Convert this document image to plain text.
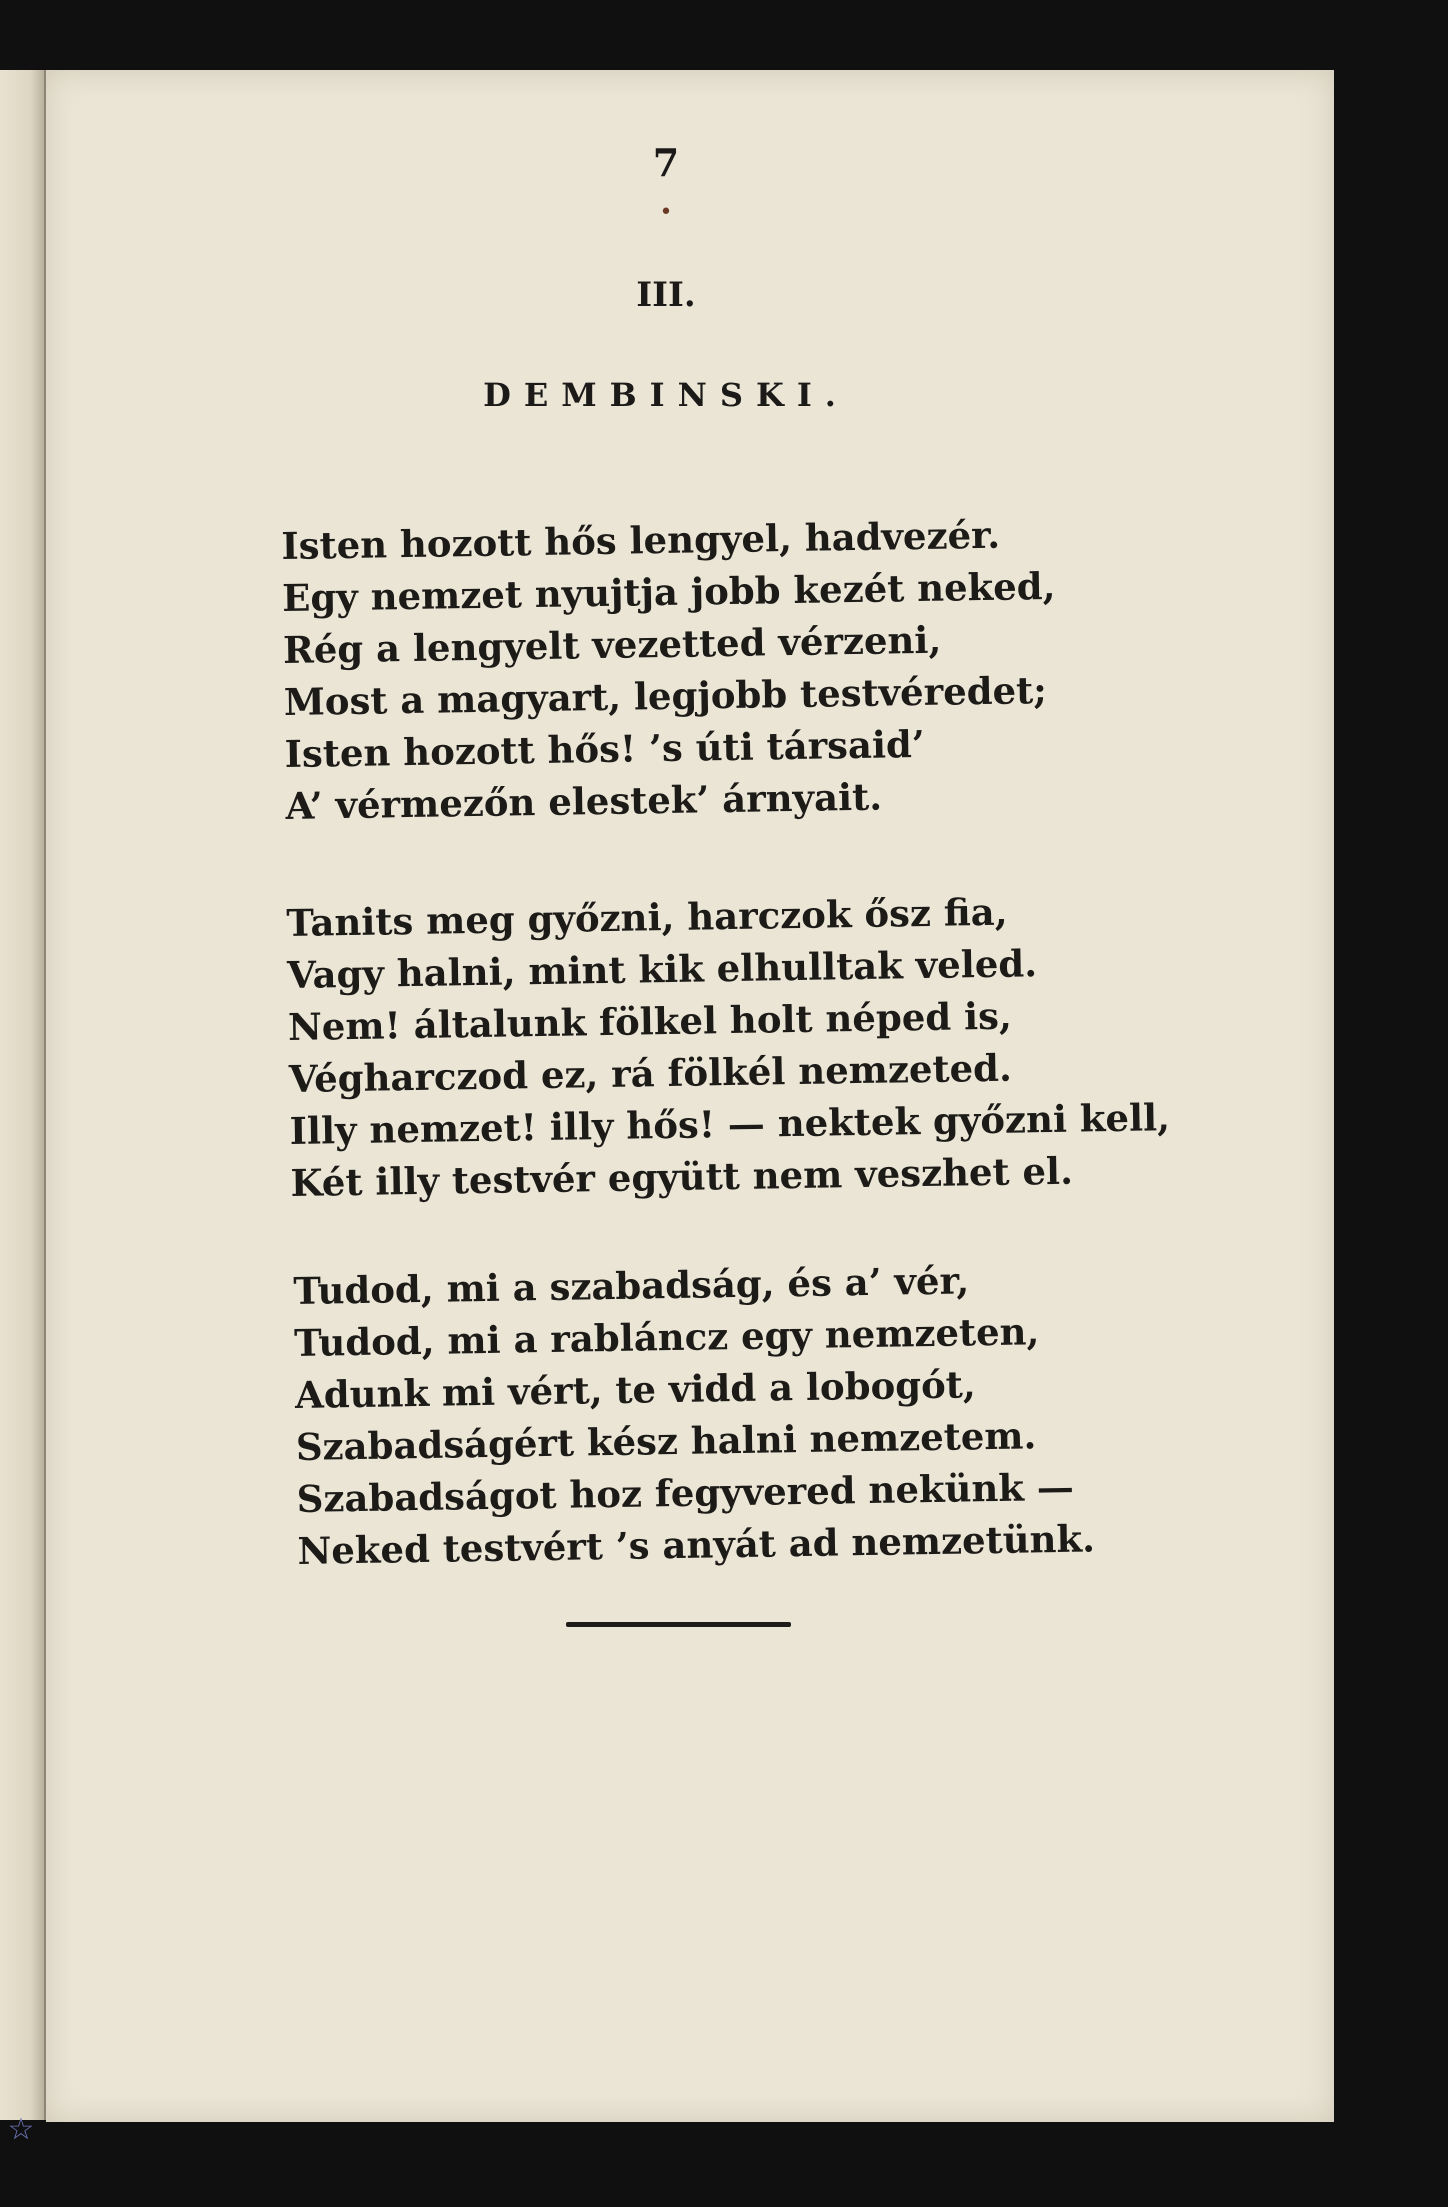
☆

7
•
III.
DEMBINSKI.
Isten hozott hős lengyel, hadvezér.
Egy nemzet nyujtja jobb kezét neked,
Rég a lengyelt vezetted vérzeni,
Most a magyart, legjobb testvéredet;
Isten hozott hős! ’s úti társaid’
A’ vérmezőn elestek’ árnyait.
Tanits meg győzni, harczok ősz fia,
Vagy halni, mint kik elhulltak veled.
Nem! általunk fölkel holt néped is,
Végharczod ez, rá fölkél nemzeted.
Illy nemzet! illy hős! — nektek győzni kell,
Két illy testvér együtt nem veszhet el.
Tudod, mi a szabadság, és a’ vér,
Tudod, mi a rabláncz egy nemzeten,
Adunk mi vért, te vidd a lobogót,
Szabadságért kész halni nemzetem.
Szabadságot hoz fegyvered nekünk —
Neked testvért ’s anyát ad nemzetünk.
